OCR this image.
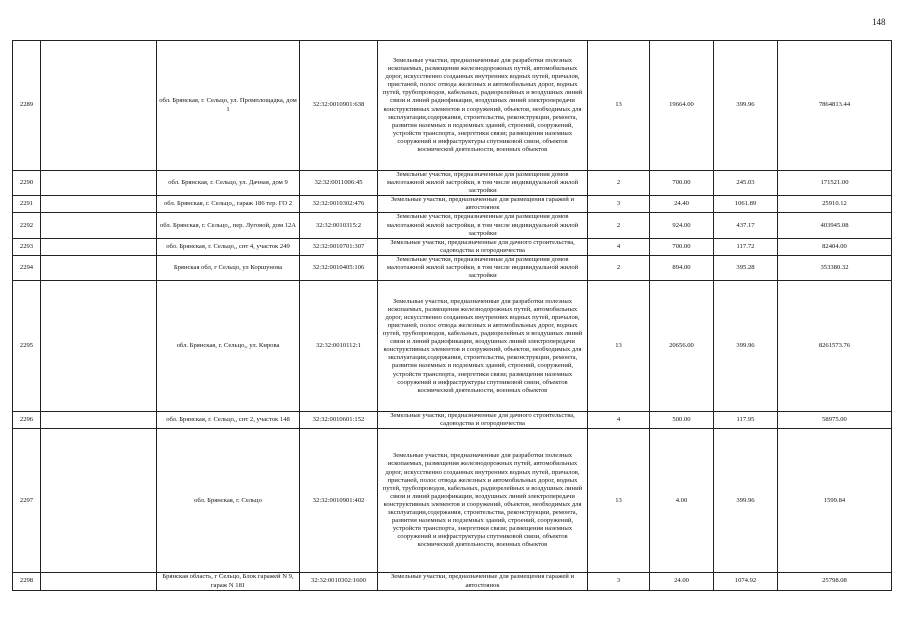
148
2289		обл. Брянская, г. Сельцо, ул. Промплощадка, дом 1	32:32:0010901:638	Земельные участки, предназначенные для разработки полезных ископаемых, размещения железнодорожных путей, автомобильных дорог, искусственно созданных внутренних водных путей, причалов, пристаней, полос отвода железных и автомобильных дорог, водных путей, трубопроводов, кабельных, радиорелейных и воздушных линий связи и линий радиофикации, воздушных линий электропередачи конструктивных элементов и сооружений, объектов, необходимых для эксплуатации,содержания, строительства, реконструкции, ремонта, развития наземных и подземных зданий, строений, сооружений, устройств транспорта, энергетики связи; размещения наземных сооружений и инфраструктуры спутниковой связи, объектов космической деятельности, военных объектов	13	19664.00	399.96	7864813.44
2290		обл. Брянская, г. Сельцо, ул. Дачная, дом 9	32:32:0011006:45	Земельные участки, предназначенные для размещения домов малоэтажной жилой застройки, в том числе индивидуальной жилой застройки	2	700.00	245.03	171521.00
2291		обл. Брянская, г. Сельцо,, гараж 186 тер. ГО 2	32:32:0010302:476	Земельные участки, предназначенные для размещения гаражей и автостоянок	3	24.40	1061.89	25910.12
2292		обл. Брянская, г. Сельцо,, пер. Луговой, дом 12А	32:32:0010315:2	Земельные участки, предназначенные для размещения домов малоэтажной жилой застройки, в том числе индивидуальной жилой застройки	2	924.00	437.17	403945.08
2293		обл. Брянская, г. Сельцо,, снт 4, участок 249	32:32:0010701:307	Земельные участки, предназначенные для дачного строительства, садоводства и огородничества	4	700.00	117.72	82404.00
2294		Брянская обл, г Сельцо, ул Коршунова	32:32:0010405:106	Земельные участки, предназначенные для размещения домов малоэтажной жилой застройки, в том числе индивидуальной жилой застройки	2	894.00	395.28	353380.32
2295		обл. Брянская, г. Сельцо,, ул. Кирова	32:32:0010112:1	Земельные участки, предназначенные для разработки полезных ископаемых, размещения железнодорожных путей, автомобильных дорог, искусственно созданных внутренних водных путей, причалов, пристаней, полос отвода железных и автомобильных дорог, водных путей, трубопроводов, кабельных, радиорелейных и воздушных линий связи и линий радиофикации, воздушных линий электропередачи конструктивных элементов и сооружений, объектов, необходимых для эксплуатации,содержания, строительства, реконструкции, ремонта, развития наземных и подземных зданий, строений, сооружений, устройств транспорта, энергетики связи; размещения наземных сооружений и инфраструктуры спутниковой связи, объектов космической деятельности, военных объектов	13	20656.00	399.96	8261573.76
2296		обл. Брянская, г. Сельцо,, снт 2, участок 148	32:32:0010601:152	Земельные участки, предназначенные для дачного строительства, садоводства и огородничества	4	500.00	117.95	58975.00
2297		обл. Брянская, г. Сельцо	32:32:0010901:402	Земельные участки, предназначенные для разработки полезных ископаемых, размещения железнодорожных путей, автомобильных дорог, искусственно созданных внутренних водных путей, причалов, пристаней, полос отвода железных и автомобильных дорог, водных путей, трубопроводов, кабельных, радиорелейных и воздушных линий связи и линий радиофикации, воздушных линий электропередачи конструктивных элементов и сооружений, объектов, необходимых для эксплуатации,содержания, строительства, реконструкции, ремонта, развития наземных и подземных зданий, строений, сооружений, устройств транспорта, энергетики связи; размещения наземных сооружений и инфраструктуры спутниковой связи, объектов космической деятельности, военных объектов	13	4.00	399.96	1599.84
2298		Брянская область, г Сельцо, Блок гаражей N 9, гараж N 181	32:32:0010302:1600	Земельные участки, предназначенные для размещения гаражей и автостоянок	3	24.00	1074.92	25798.08
